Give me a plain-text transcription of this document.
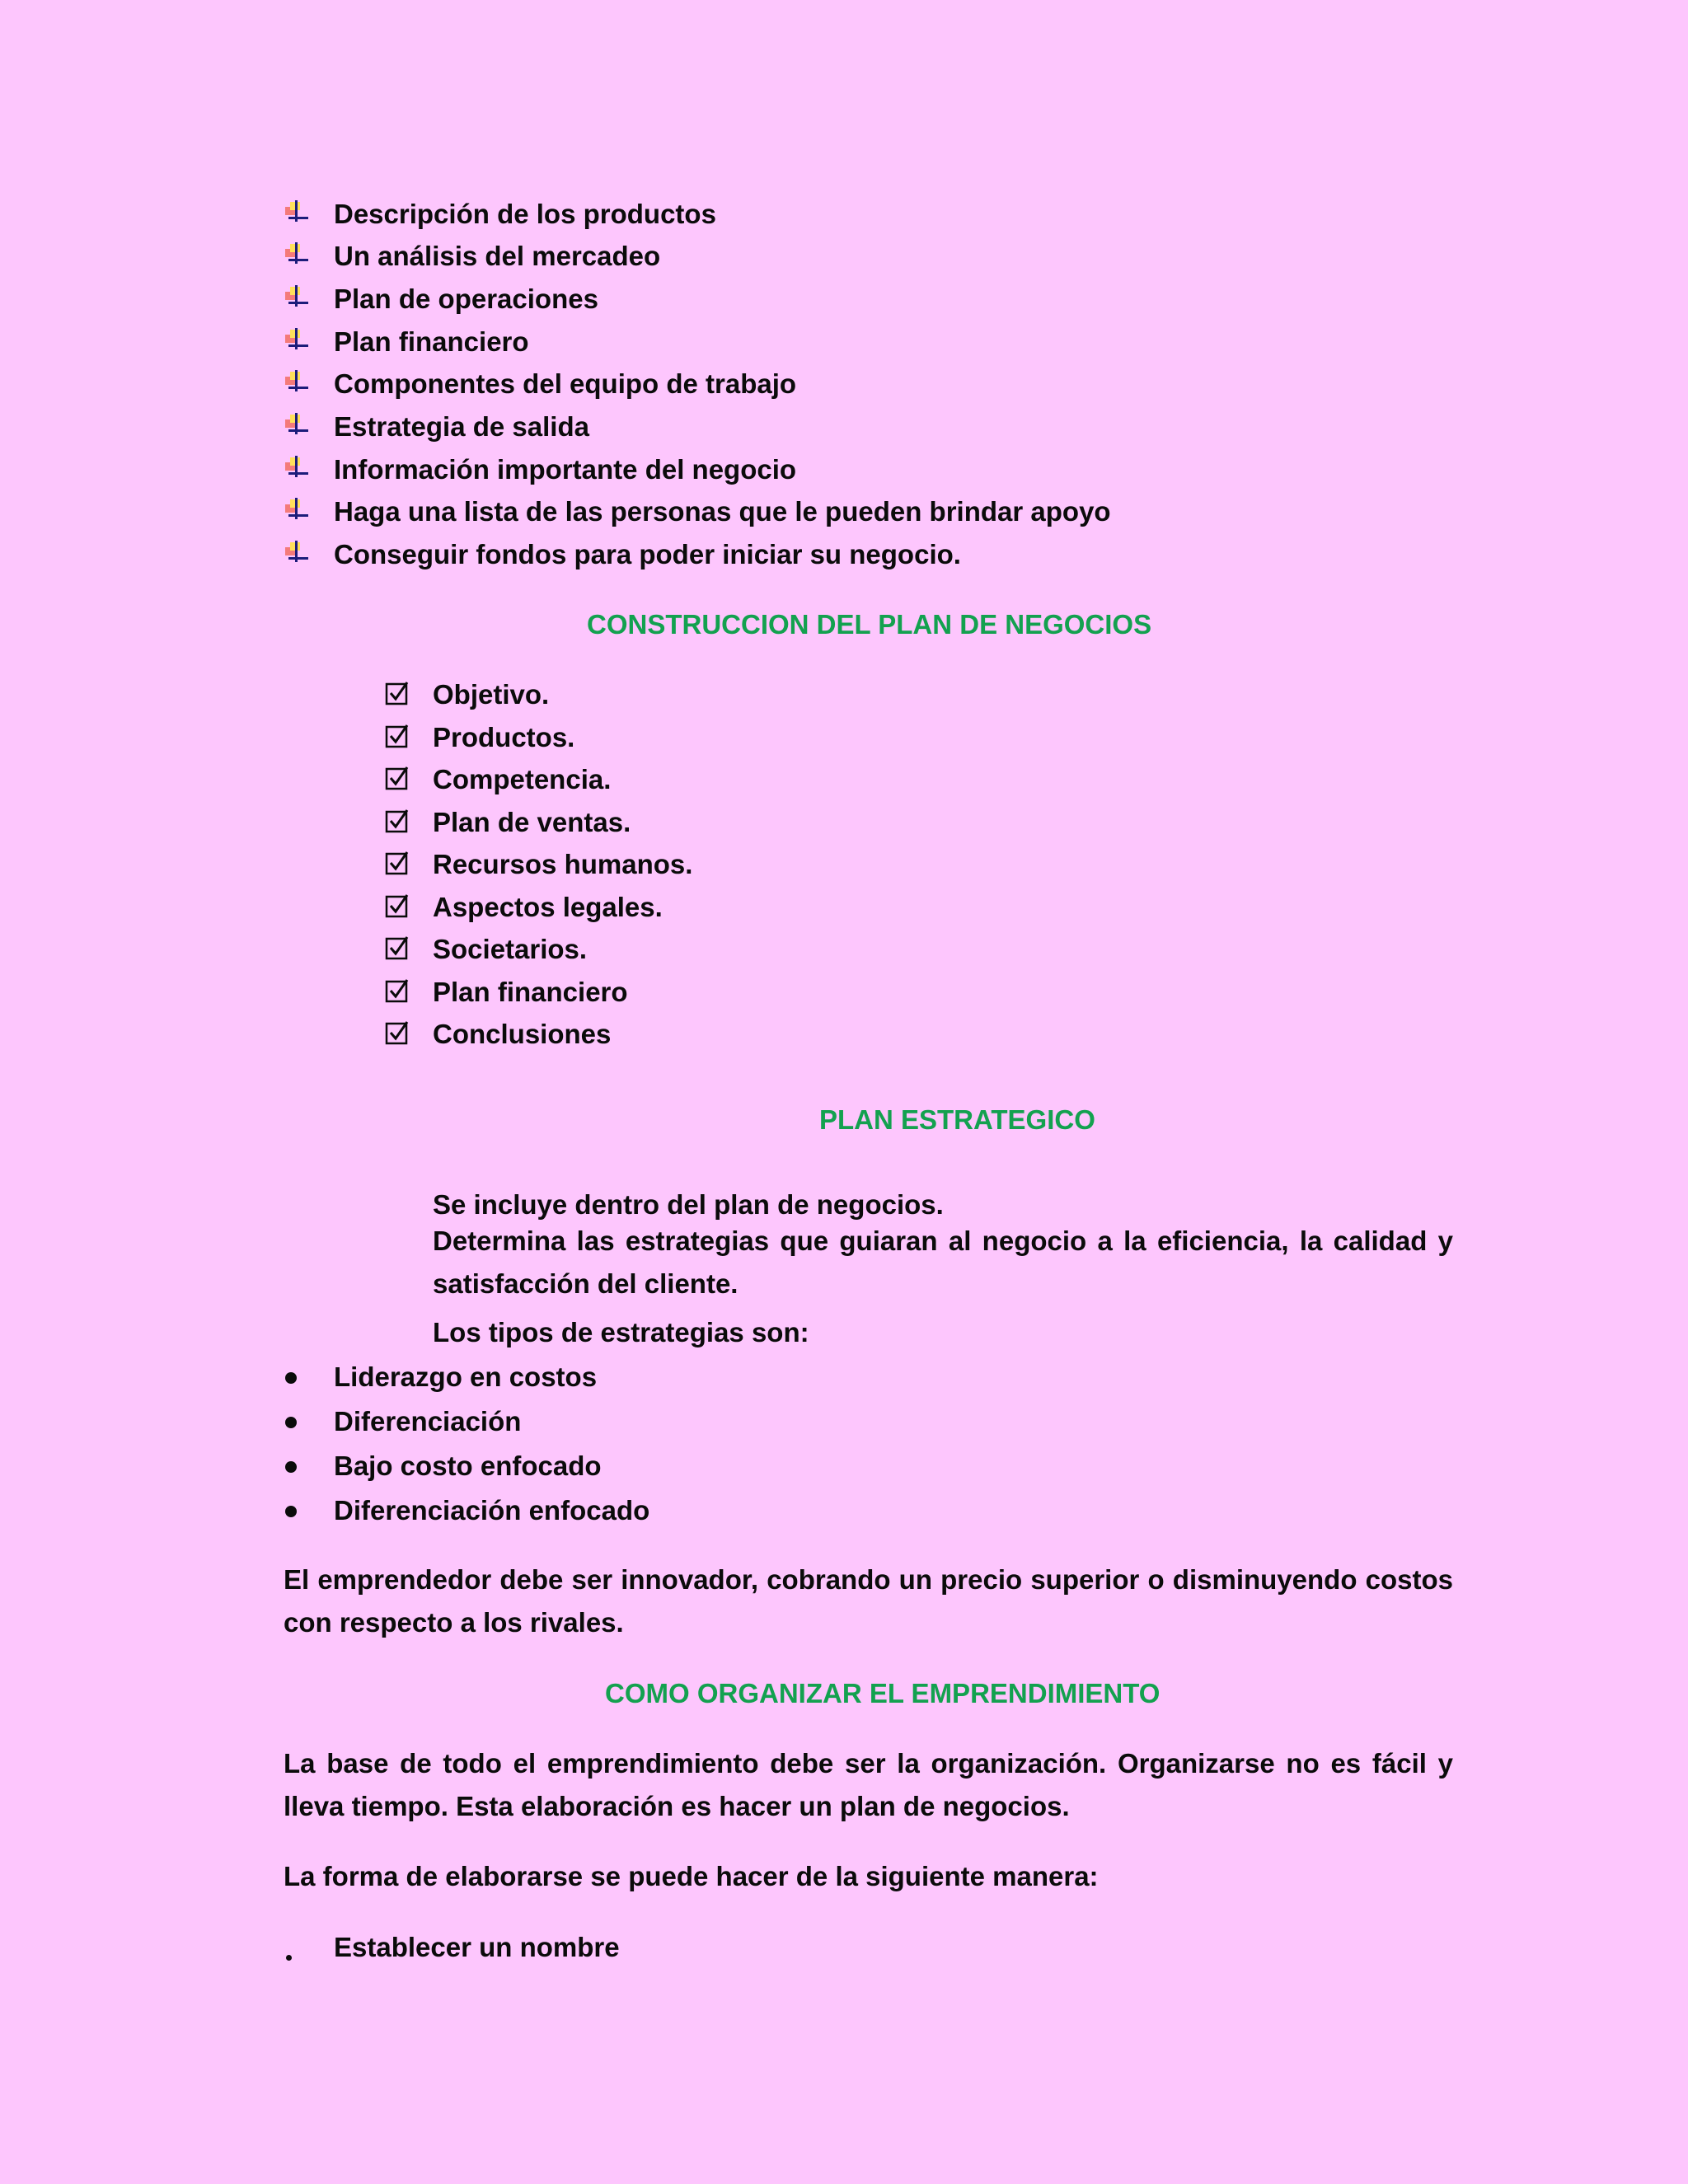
Descripción de los productos
Un análisis del mercadeo
Plan de operaciones
Plan financiero
Componentes del equipo de trabajo
Estrategia de salida
Información importante del negocio
Haga una lista de las personas que le pueden brindar apoyo
Conseguir fondos para poder iniciar su negocio.
CONSTRUCCION DEL PLAN DE NEGOCIOS
Objetivo.
Productos.
Competencia.
Plan de ventas.
Recursos humanos.
Aspectos legales.
Societarios.
Plan financiero
Conclusiones
PLAN ESTRATEGICO
Se incluye dentro del plan de negocios.
Determina las estrategias que guiaran al negocio a la eficiencia, la calidad y satisfacción del cliente.
Los tipos de estrategias son:
Liderazgo en costos
Diferenciación
Bajo costo enfocado
Diferenciación enfocado
El emprendedor debe ser innovador, cobrando un precio superior o disminuyendo costos con respecto a los rivales.
COMO ORGANIZAR EL EMPRENDIMIENTO
La base de todo el emprendimiento debe ser la organización. Organizarse no es fácil y lleva tiempo. Esta elaboración es hacer un plan de negocios.
La forma de elaborarse se puede hacer de la siguiente manera:
Establecer un nombre
